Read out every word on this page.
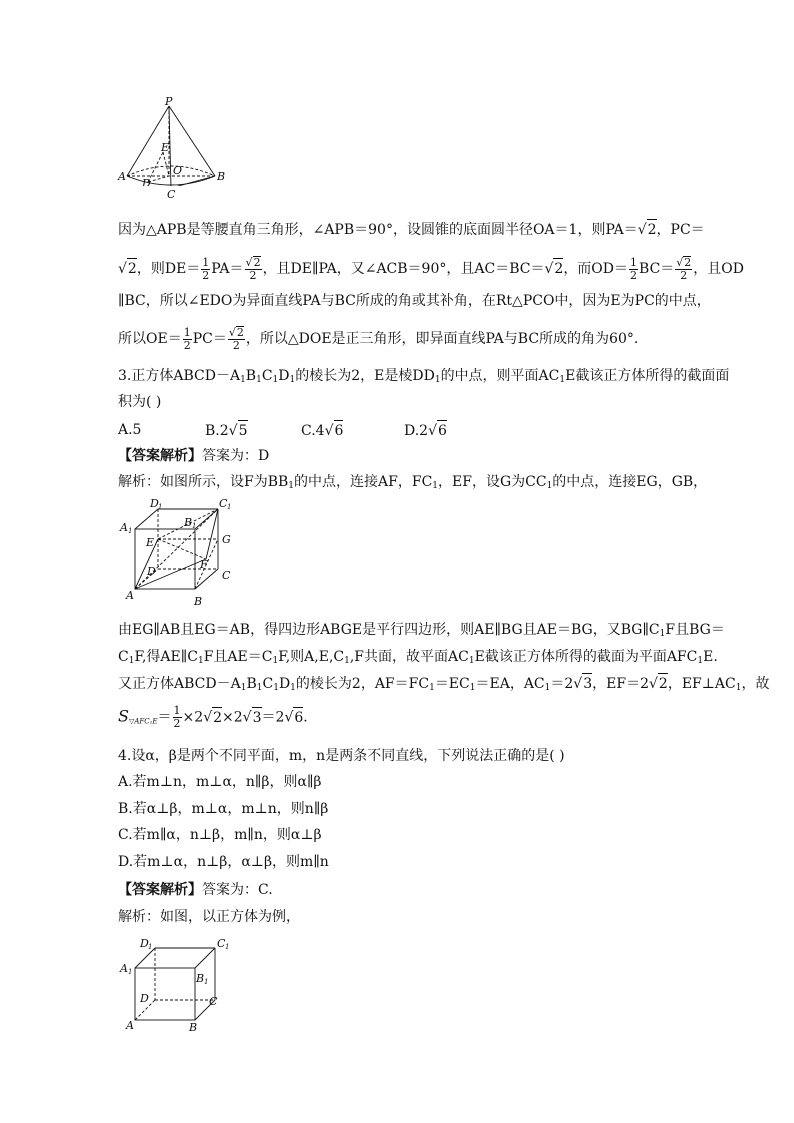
P
E
O
A
D
B
C
因为△APB是等腰直角三角形，∠APB＝90°，设圆锥的底面圆半径OA＝1，则PA＝√2，PC＝
√2，则$DE= \frac{1}{2} PA= \frac{√2}{2}$ ，且DE∥PA，又∠ACB＝90°，且AC＝BC＝√2，而$OD= \frac{1}{2} BC= \frac{√2}{2}$ ，且OD
∥BC，所以∠EDO为异面直线PA与BC所成的角或其补角，在Rt△PCO中，因为E为PC的中点，
所以$OE= \frac{1}{2} PC= \frac{√2}{2}$ ，所以△DOE是正三角形，即异面直线PA与BC所成的角为60°.
3.正方体$ABCD-A_1B_1C_1D_1$的棱长为2，E是棱$DD_1$的中点，则平面$AC_1E$截该正方体所得的截面面
积为( )
A.5	B.2√5	C.4√6	D.2√6
【答案解析】答案为：D
解析：如图所示，设F为$BB_1$的中点，连接AF，$FC_1$，EF，设G为$CC_1$的中点，连接EG，GB，
D 1	C 1
A 1
B 1
E	G
D
F
C
A	B
由EG∥AB且EG＝AB，得四边形ABGE是平行四边形，则AE∥BG且AE＝BG，又$BG\parallel C_1F$且BG＝
$C_1F$,得$AE\parallel C_1F$且$AE=C_1F$,则$A,E,C_1,F$共面，故平面$AC_1E$截该正方体所得的截面为平面$AFC_1E$.
又正方体$ABCD-A_1B_1C_1D_1$的棱长为2，$AF=FC_1=EC_1=EA$，$AC_1=2√3$，EF＝2√2，$EF\perp AC_1$，故
$S_{▽AFC_1E}= \frac{1}{2} \times 2√2\times 2√3=2√6$.
4.设α，β是两个不同平面，m，n是两条不同直线，下列说法正确的是( )
A.若m⊥n，m⊥α，n∥β，则α∥β
B.若α⊥β，m⊥α，m⊥n，则n∥β
C.若m∥α，n⊥β，m∥n，则α⊥β
D.若m⊥α，n⊥β，α⊥β，则m∥n
【答案解析】答案为：C.
解析：如图，以正方体为例，
D 1	C 1
A 1	B 1
D	C
A	B
